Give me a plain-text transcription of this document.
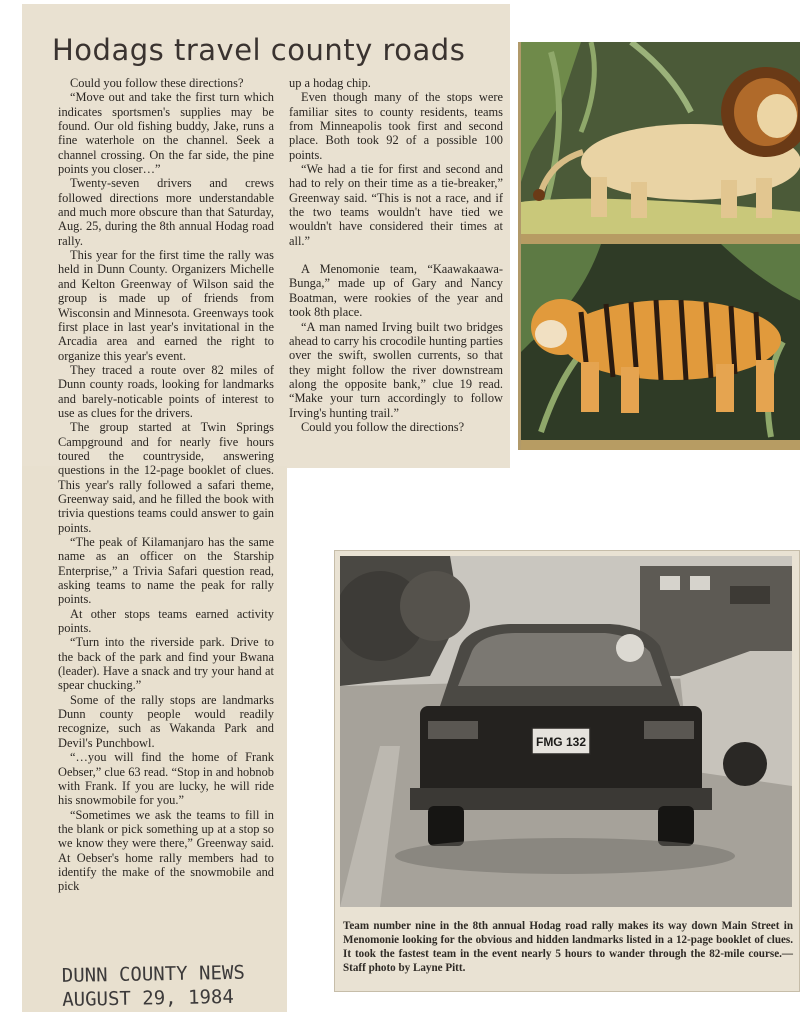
Hodags travel county roads

Could you follow these directions?

“Move out and take the first turn which indicates sportsmen's supplies may be found. Our old fishing buddy, Jake, runs a fine waterhole on the channel. Seek a channel crossing. On the far side, the pine points you closer…”

Twenty-seven drivers and crews followed directions more understandable and much more obscure than that Saturday, Aug. 25, during the 8th annual Hodag road rally.

This year for the first time the rally was held in Dunn County. Organizers Michelle and Kelton Greenway of Wilson said the group is made up of friends from Wisconsin and Minnesota. Greenways took first place in last year's invitational in the Arcadia area and earned the right to organize this year's event.

They traced a route over 82 miles of Dunn county roads, looking for landmarks and barely-noticable points of interest to use as clues for the drivers.

The group started at Twin Springs Campground and for nearly five hours toured the countryside, answering questions in the 12-page booklet of clues. This year's rally followed a safari theme, Greenway said, and he filled the book with trivia questions teams could answer to gain points.

“The peak of Kilamanjaro has the same name as an officer on the Starship Enterprise,” a Trivia Safari question read, asking teams to name the peak for rally points.

At other stops teams earned activity points.

“Turn into the riverside park. Drive to the back of the park and find your Bwana (leader). Have a snack and try your hand at spear chucking.”

Some of the rally stops are landmarks Dunn county people would readily recognize, such as Wakanda Park and Devil's Punchbowl.

“…you will find the home of Frank Oebser,” clue 63 read. “Stop in and hobnob with Frank. If you are lucky, he will ride his snowmobile for you.”

“Sometimes we ask the teams to fill in the blank or pick something up at a stop so we know they were there,” Greenway said. At Oebser's home rally members had to identify the make of the snowmobile and pick

up a hodag chip.

Even though many of the stops were familiar sites to county residents, teams from Minneapolis took first and second place. Both took 92 of a possible 100 points.

“We had a tie for first and second and had to rely on their time as a tie-breaker,” Greenway said. “This is not a race, and if the two teams wouldn't have tied we wouldn't have considered their times at all.”

A Menomonie team, “Kaawakaawa-Bunga,” made up of Gary and Nancy Boatman, were rookies of the year and took 8th place.

“A man named Irving built two bridges ahead to carry his crocodile hunting parties over the swift, swollen currents, so that they might follow the river downstream along the opposite bank,” clue 19 read. “Make your turn accordingly to follow Irving's hunting trail.”

Could you follow the directions?

DUNN COUNTY NEWS
AUGUST 29, 1984
FMG 132
Team number nine in the 8th annual Hodag road rally makes its way down Main Street in Menomonie looking for the obvious and hidden landmarks listed in a 12-page booklet of clues. It took the fastest team in the event nearly 5 hours to wander through the 82-mile course.—Staff photo by Layne Pitt.
